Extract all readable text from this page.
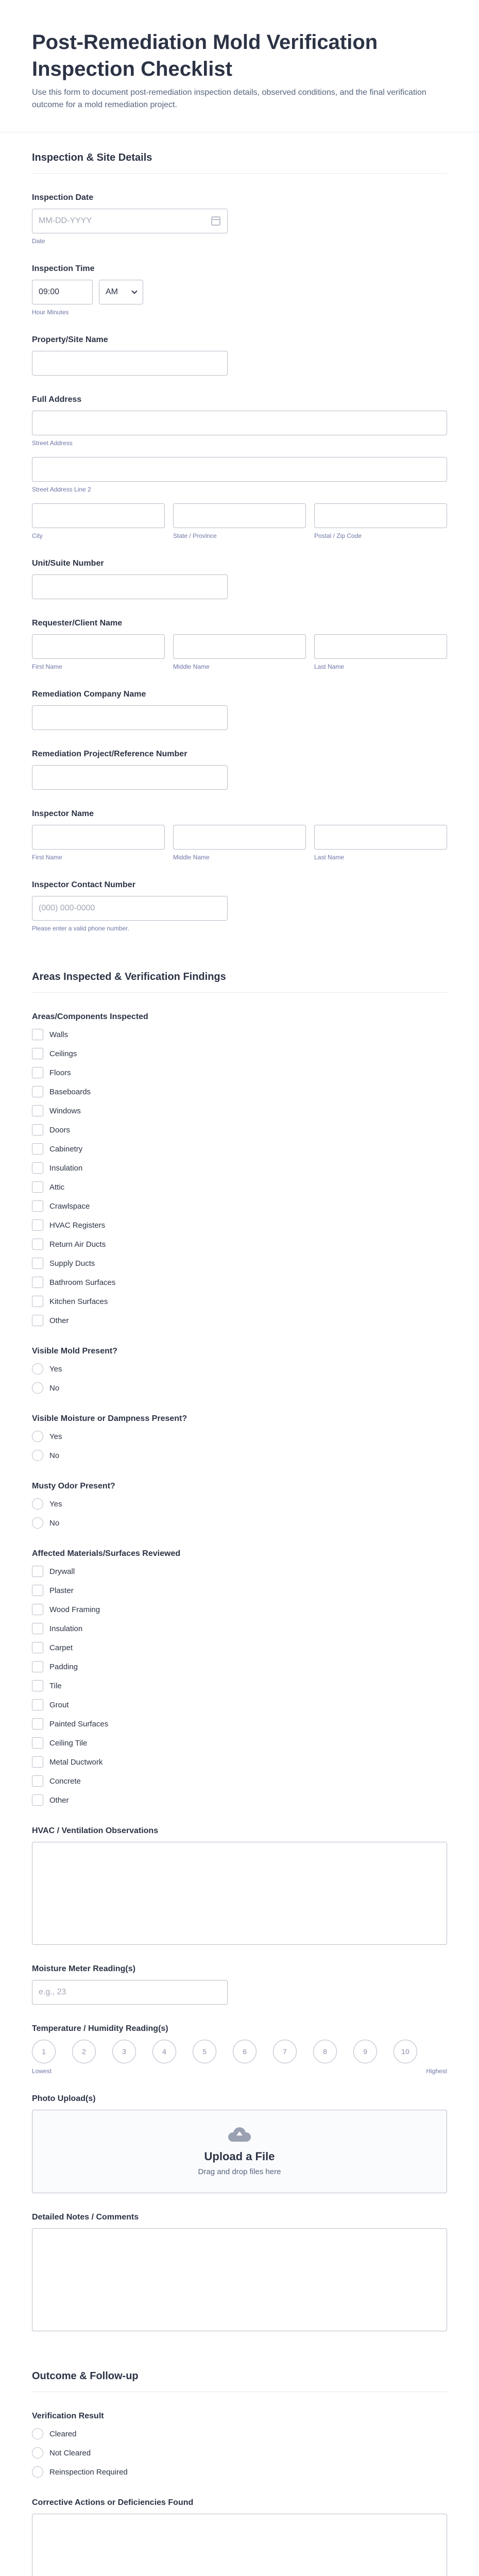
Post-Remediation Mold Verification Inspection Checklist

Use this form to document post-remediation inspection details, observed conditions, and the final verification outcome for a mold remediation project.

Inspection & Site Details
Inspection Date
MM-DD-YYYY
Date
Inspection Time
09:00
AM
Hour Minutes
Property/Site Name
Full Address
Street Address
Street Address Line 2
City	State / Province	Postal / Zip Code
Unit/Suite Number
Requester/Client Name
First Name	Middle Name	Last Name
Remediation Company Name
Remediation Project/Reference Number
Inspector Name
First Name	Middle Name	Last Name
Inspector Contact Number
(000) 000-0000
Please enter a valid phone number.
Areas Inspected & Verification Findings
Areas/Components Inspected
Walls
Ceilings
Floors
Baseboards
Windows
Doors
Cabinetry
Insulation
Attic
Crawlspace
HVAC Registers
Return Air Ducts
Supply Ducts
Bathroom Surfaces
Kitchen Surfaces
Other
Visible Mold Present?
Yes
No
Visible Moisture or Dampness Present?
Yes
No
Musty Odor Present?
Yes
No
Affected Materials/Surfaces Reviewed
Drywall
Plaster
Wood Framing
Insulation
Carpet
Padding
Tile
Grout
Painted Surfaces
Ceiling Tile
Metal Ductwork
Concrete
Other
HVAC / Ventilation Observations
Moisture Meter Reading(s)
e.g., 23
Temperature / Humidity Reading(s)
1	2	3	4	5	6	7	8	9	10
Lowest	Highest
Photo Upload(s)
Upload a File
Drag and drop files here
Detailed Notes / Comments
Outcome & Follow-up
Verification Result
Cleared
Not Cleared
Reinspection Required
Corrective Actions or Deficiencies Found
